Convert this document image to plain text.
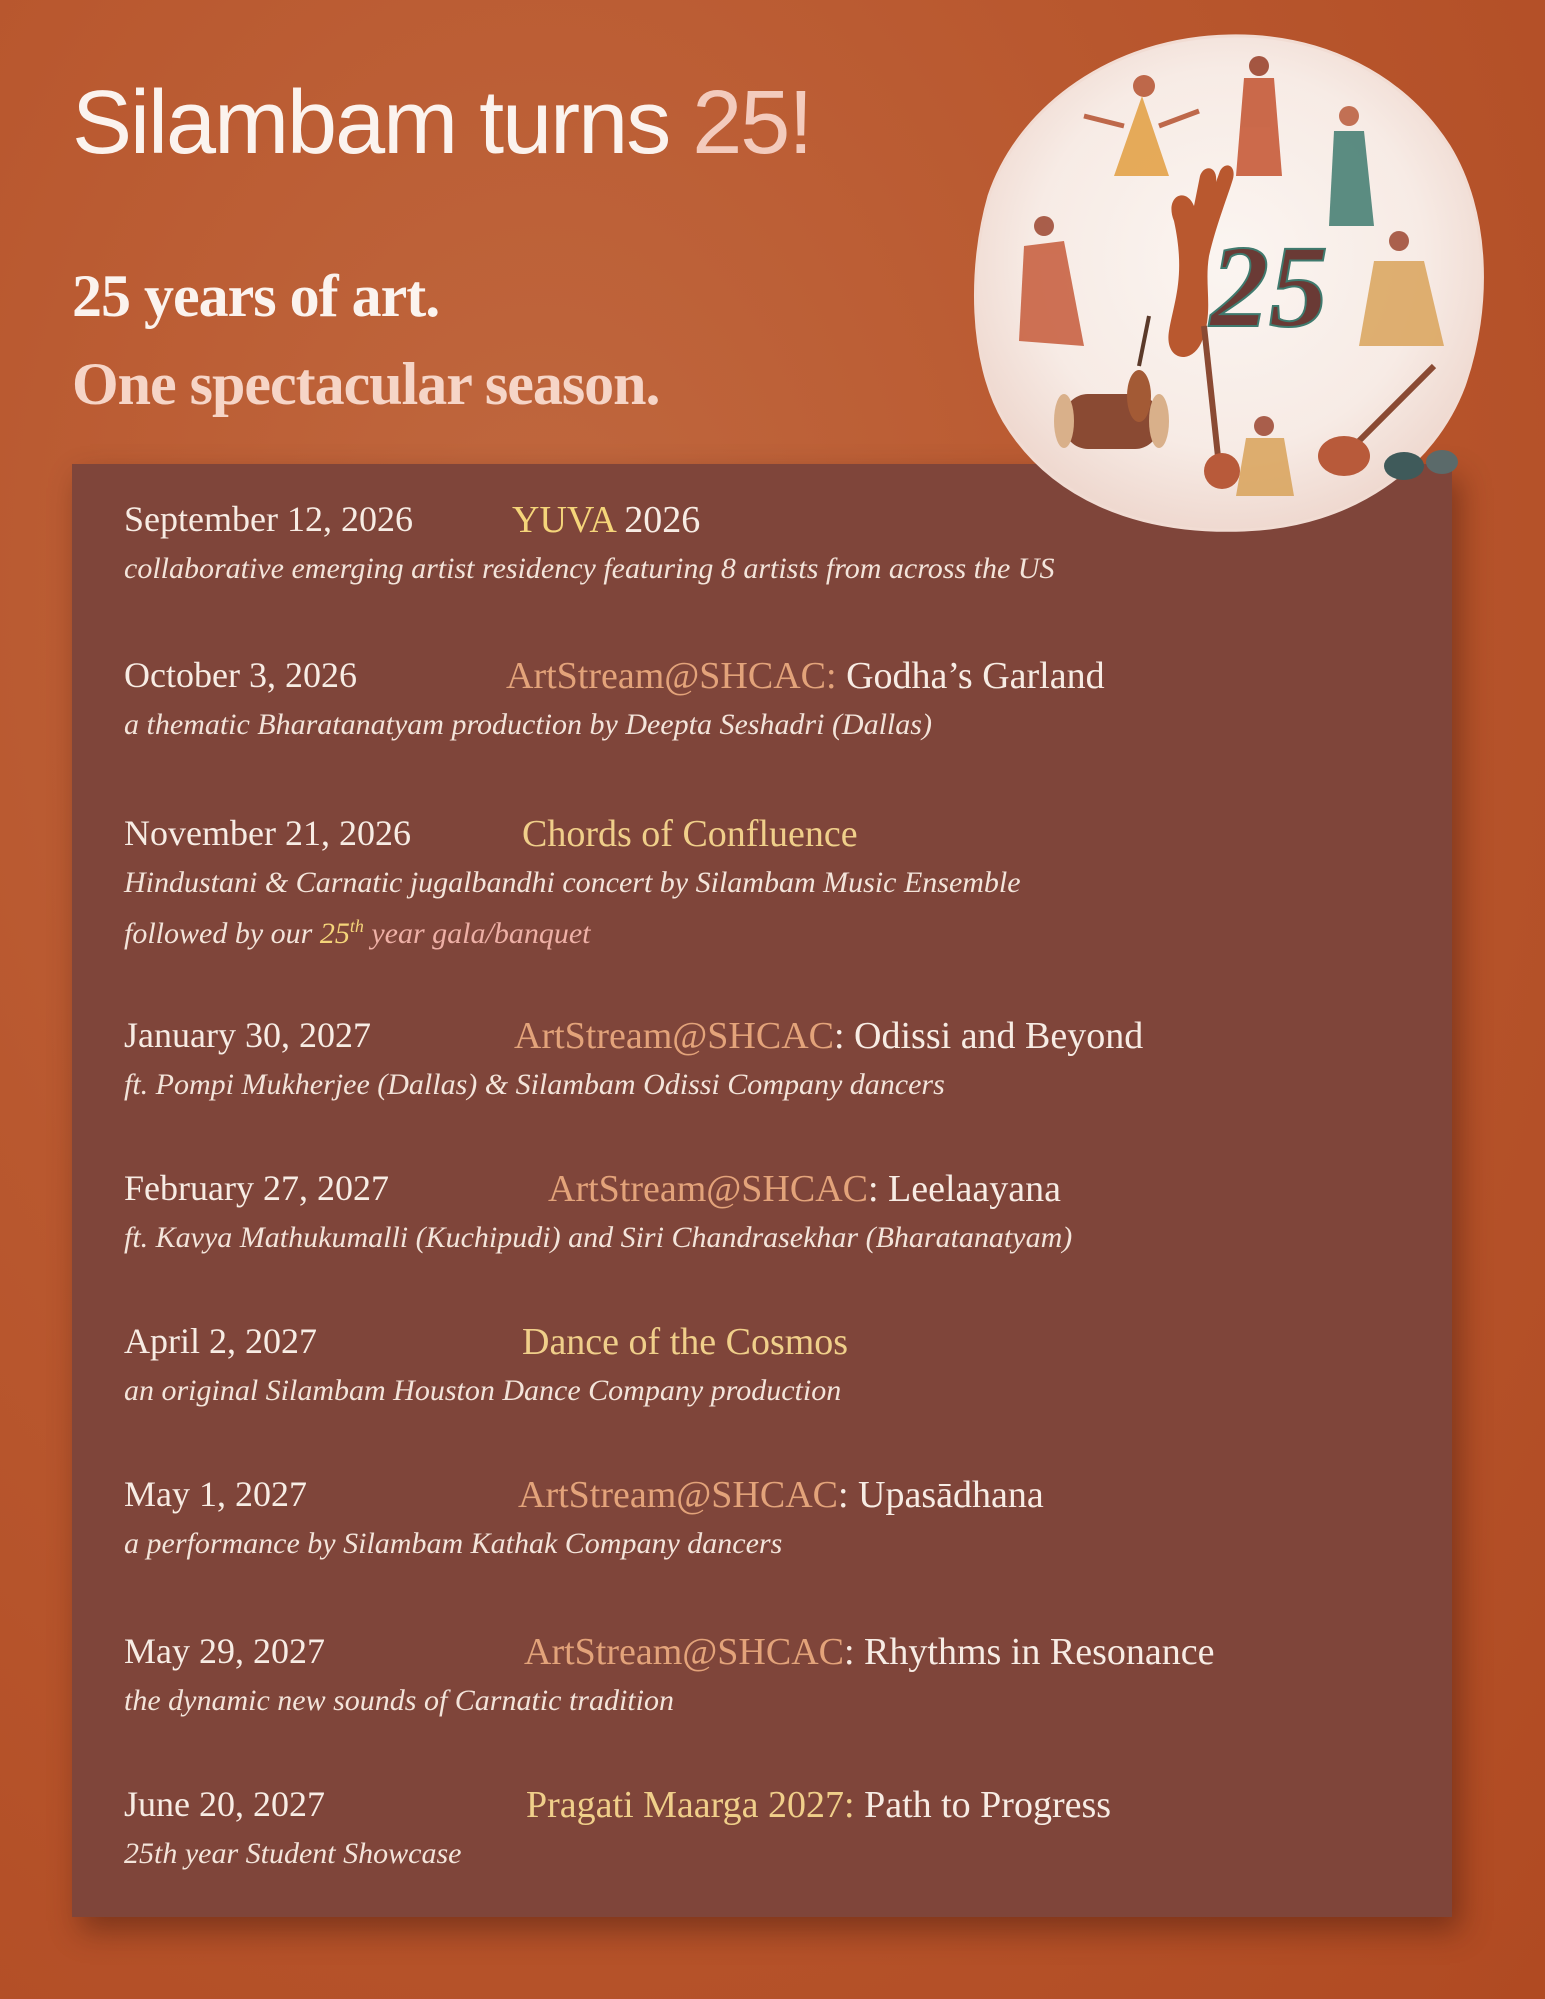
Silambam turns 25!

25 years of art.

One spectacular season.

September 12, 2026	YUVA 2026

collaborative emerging artist residency featuring 8 artists from across the US

October 3, 2026	ArtStream@SHCAC: Godha’s Garland

a thematic Bharatanatyam production by Deepta Seshadri (Dallas)

November 21, 2026	Chords of Confluence

Hindustani & Carnatic jugalbandhi concert by Silambam Music Ensemble

followed by our 25th year gala/banquet

January 30, 2027	ArtStream@SHCAC: Odissi and Beyond

ft. Pompi Mukherjee (Dallas) & Silambam Odissi Company dancers

February 27, 2027	ArtStream@SHCAC: Leelaayana

ft. Kavya Mathukumalli (Kuchipudi) and Siri Chandrasekhar (Bharatanatyam)

April 2, 2027	Dance of the Cosmos

an original Silambam Houston Dance Company production

May 1, 2027	ArtStream@SHCAC: Upasādhana

a performance by Silambam Kathak Company dancers

May 29, 2027	ArtStream@SHCAC: Rhythms in Resonance

the dynamic new sounds of Carnatic tradition

June 20, 2027	Pragati Maarga 2027: Path to Progress

25th year Student Showcase

25
